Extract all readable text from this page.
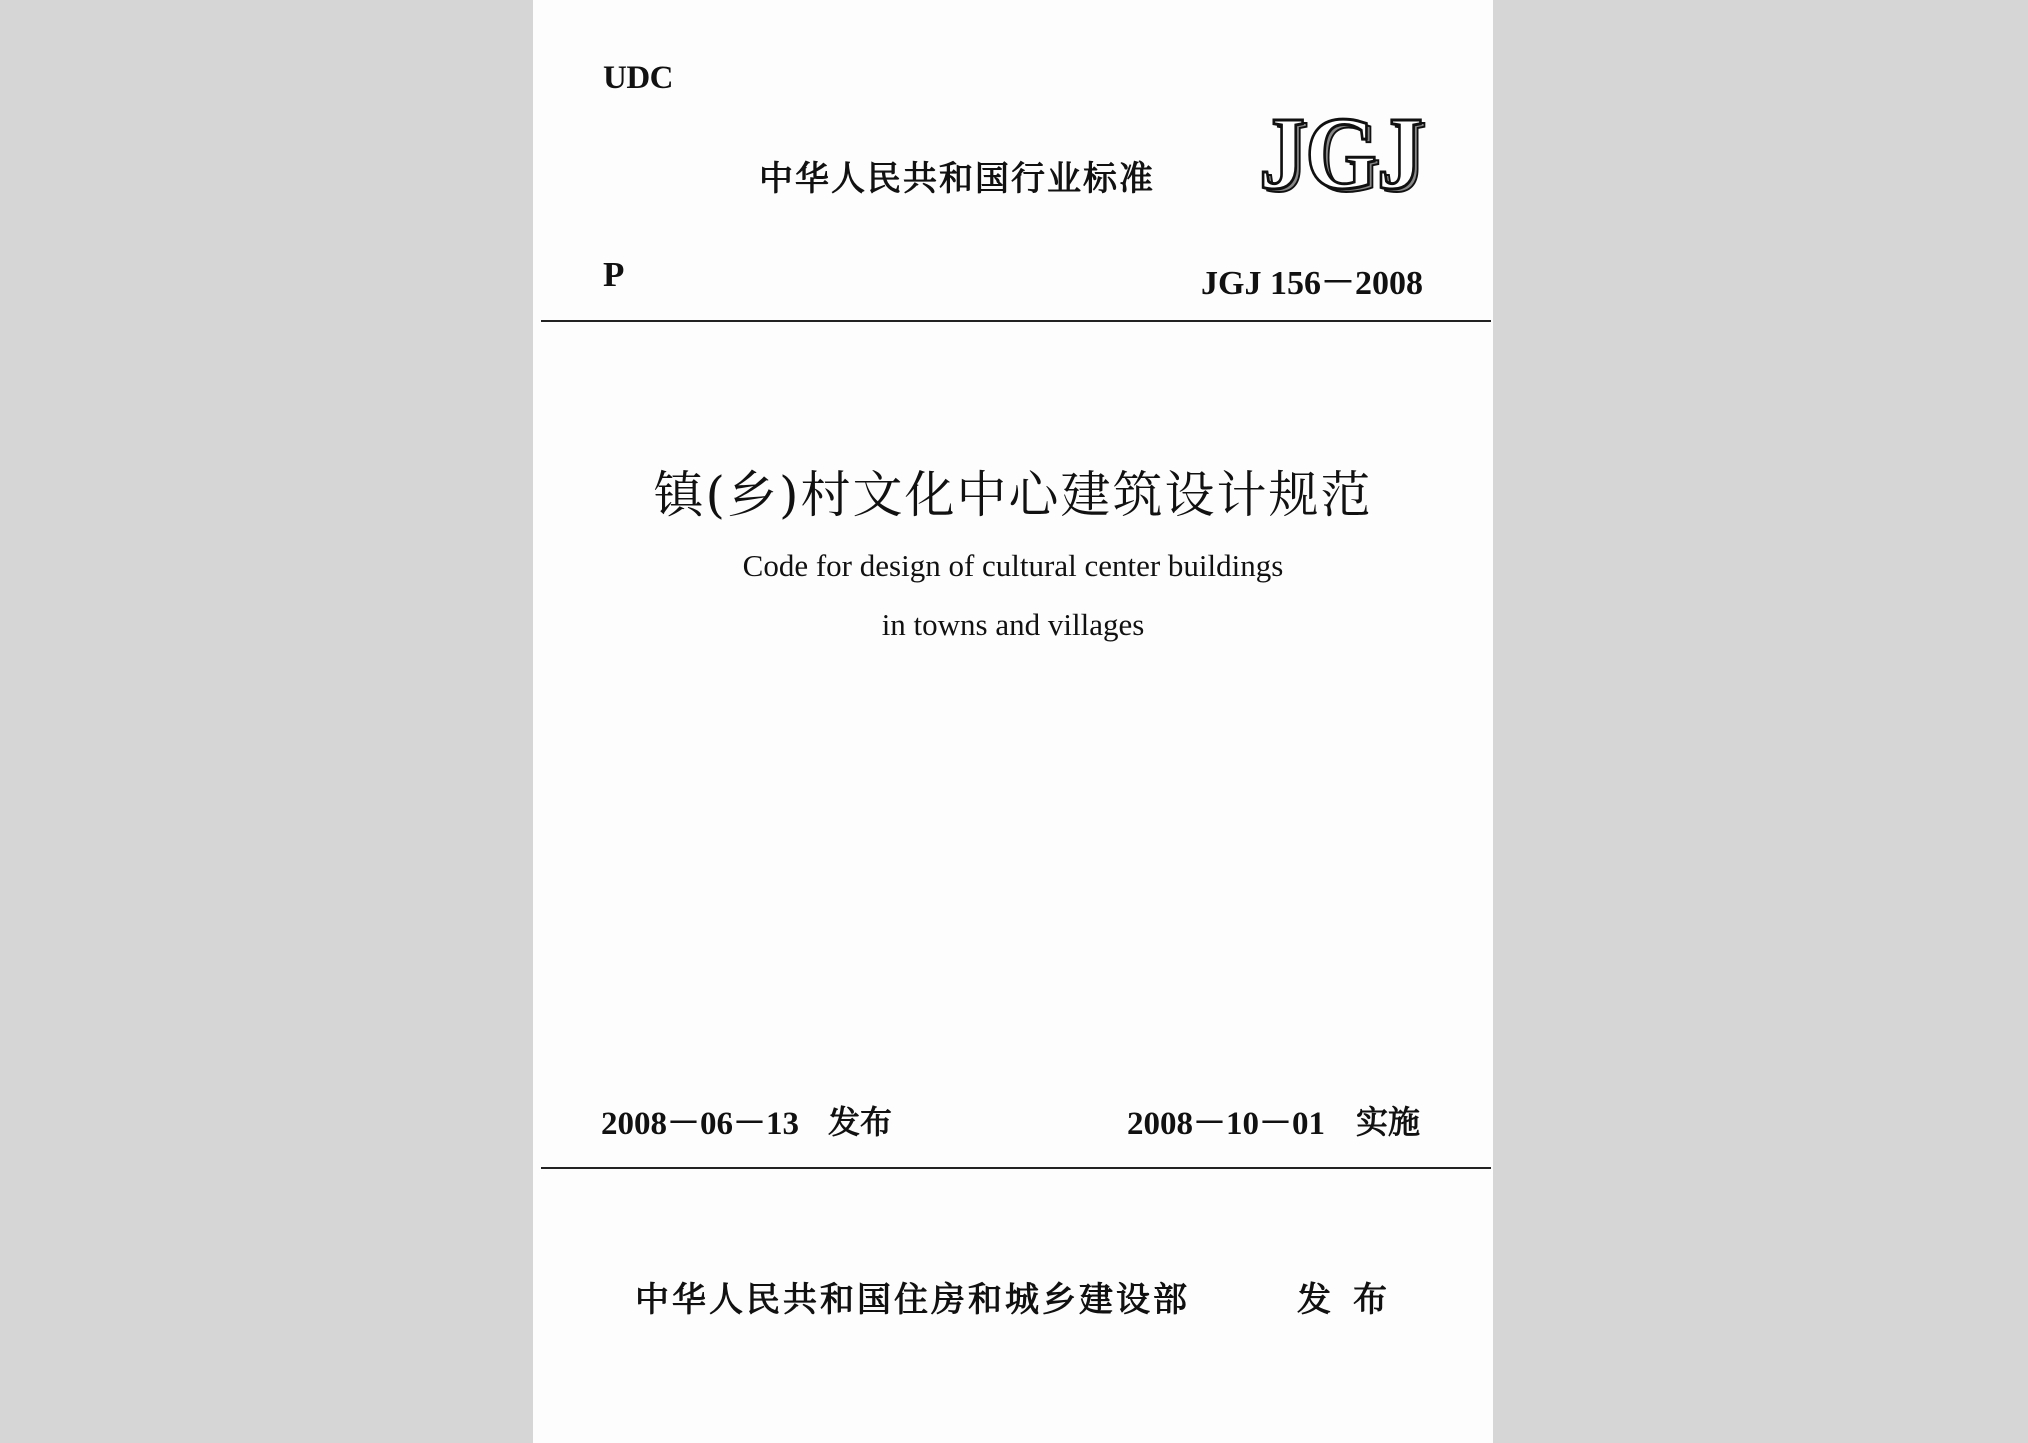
UDC
中华人民共和国行业标准 JGJ
JGJ
P	JGJ 156－2008
镇(乡)村文化中心建筑设计规范
Code for design of cultural center buildings
in towns and villages
2008－06－13 发布	2008－10－01 实施
中华人民共和国住房和城乡建设部	发布
